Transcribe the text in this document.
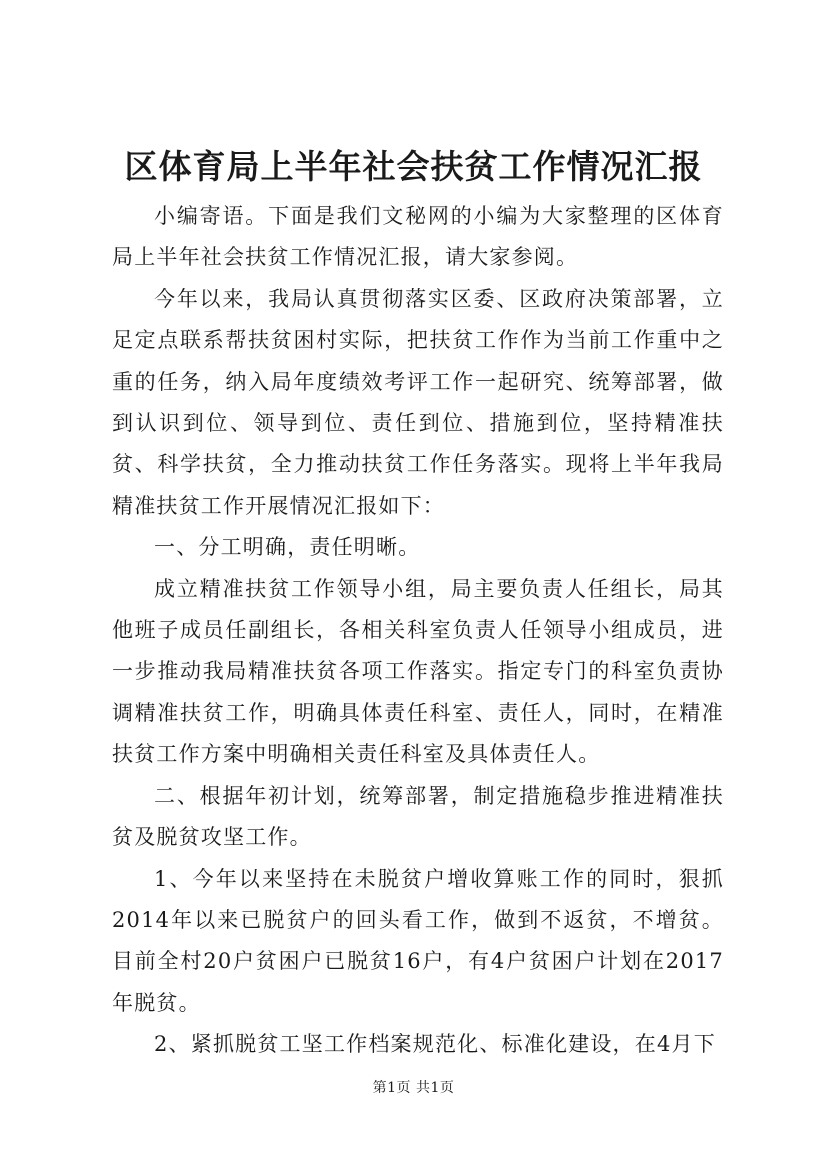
区体育局上半年社会扶贫工作情况汇报

小编寄语。下面是我们文秘网的小编为大家整理的区体育局上半年社会扶贫工作情况汇报，请大家参阅。

今年以来，我局认真贯彻落实区委、区政府决策部署，立足定点联系帮扶贫困村实际，把扶贫工作作为当前工作重中之重的任务，纳入局年度绩效考评工作一起研究、统筹部署，做到认识到位、领导到位、责任到位、措施到位，坚持精准扶贫、科学扶贫，全力推动扶贫工作任务落实。现将上半年我局精准扶贫工作开展情况汇报如下：

一、分工明确，责任明晰。

成立精准扶贫工作领导小组，局主要负责人任组长，局其他班子成员任副组长，各相关科室负责人任领导小组成员，进一步推动我局精准扶贫各项工作落实。指定专门的科室负责协调精准扶贫工作，明确具体责任科室、责任人，同时，在精准扶贫工作方案中明确相关责任科室及具体责任人。

二、根据年初计划，统筹部署，制定措施稳步推进精准扶贫及脱贫攻坚工作。

1、今年以来坚持在未脱贫户增收算账工作的同时，狠抓2014年以来已脱贫户的回头看工作，做到不返贫，不增贫。目前全村20户贫困户已脱贫16户，有4户贫困户计划在2017年脱贫。

2、紧抓脱贫工坚工作档案规范化、标准化建设，在4月下

第1页 共1页
